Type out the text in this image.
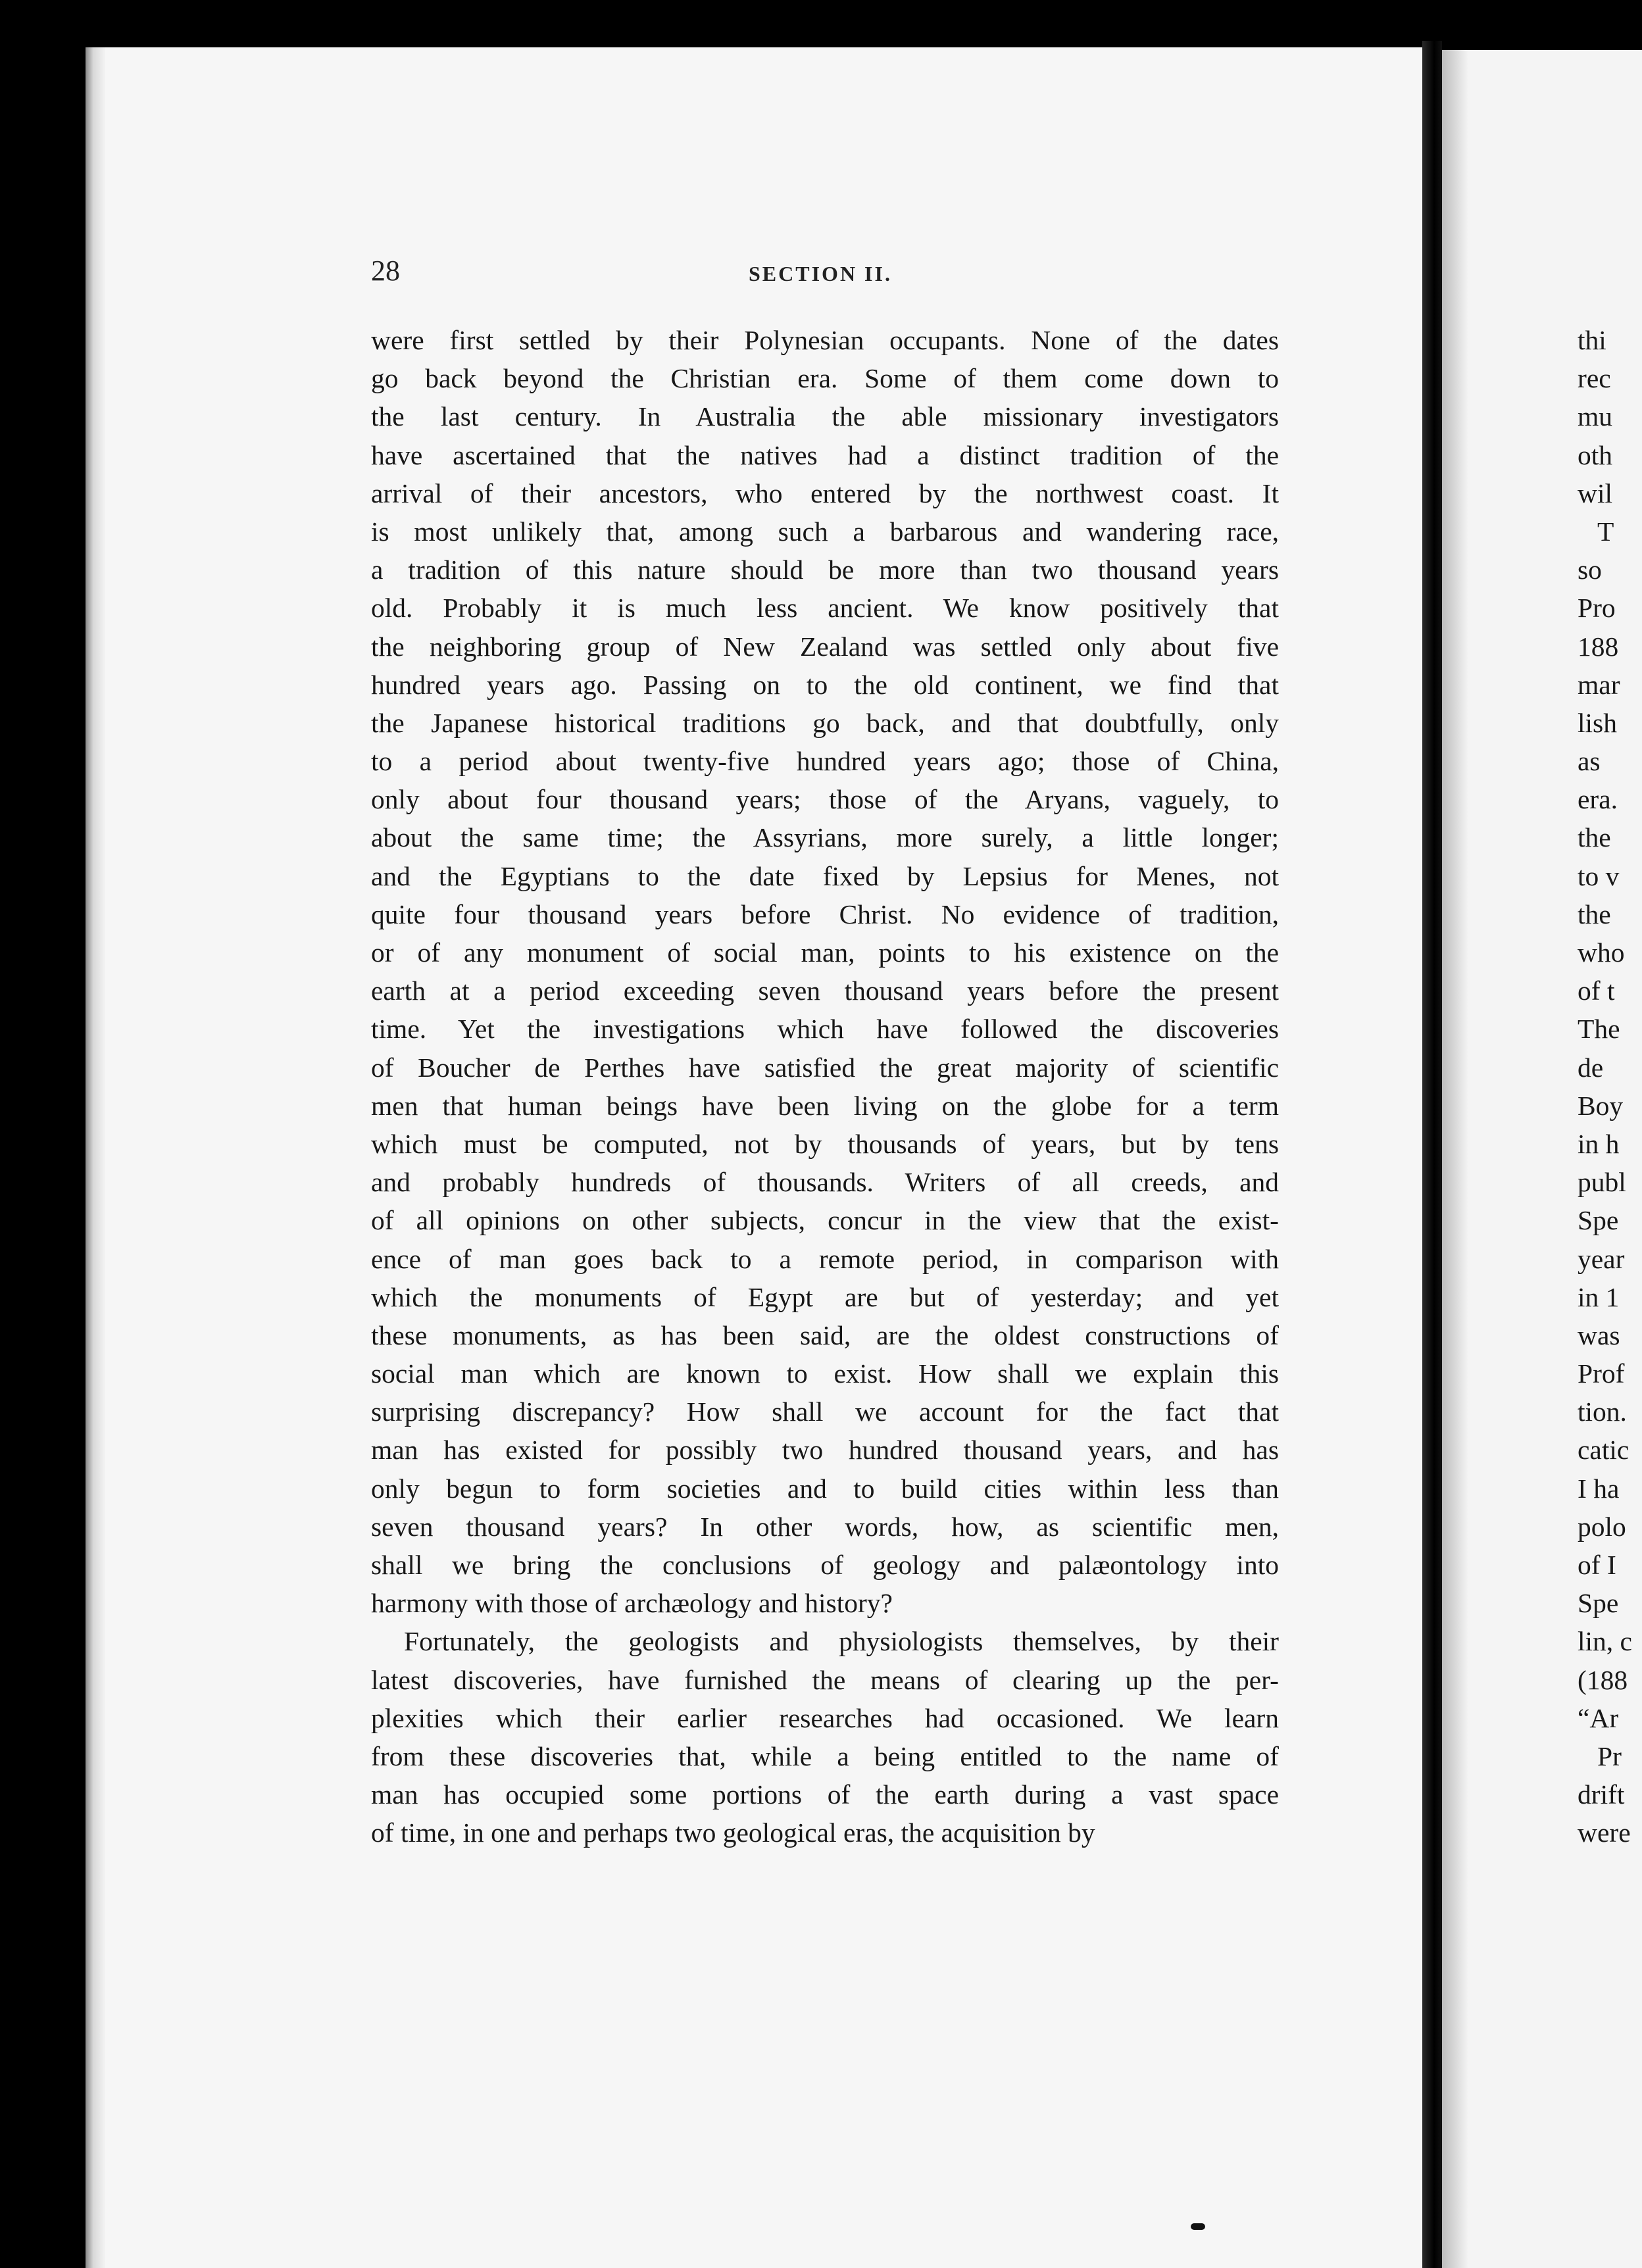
28	SECTION II.
were first settled by their Polynesian occupants. None of the dates
go back beyond the Christian era. Some of them come down to
the last century. In Australia the able missionary investigators
have ascertained that the natives had a distinct tradition of the
arrival of their ancestors, who entered by the northwest coast. It
is most unlikely that, among such a barbarous and wandering race,
a tradition of this nature should be more than two thousand years
old. Probably it is much less ancient. We know positively that
the neighboring group of New Zealand was settled only about five
hundred years ago. Passing on to the old continent, we find that
the Japanese historical traditions go back, and that doubtfully, only
to a period about twenty-five hundred years ago; those of China,
only about four thousand years; those of the Aryans, vaguely, to
about the same time; the Assyrians, more surely, a little longer;
and the Egyptians to the date fixed by Lepsius for Menes, not
quite four thousand years before Christ. No evidence of tradition,
or of any monument of social man, points to his existence on the
earth at a period exceeding seven thousand years before the present
time. Yet the investigations which have followed the discoveries
of Boucher de Perthes have satisfied the great majority of scientific
men that human beings have been living on the globe for a term
which must be computed, not by thousands of years, but by tens
and probably hundreds of thousands. Writers of all creeds, and
of all opinions on other subjects, concur in the view that the exist-
ence of man goes back to a remote period, in comparison with
which the monuments of Egypt are but of yesterday; and yet
these monuments, as has been said, are the oldest constructions of
social man which are known to exist. How shall we explain this
surprising discrepancy? How shall we account for the fact that
man has existed for possibly two hundred thousand years, and has
only begun to form societies and to build cities within less than
seven thousand years? In other words, how, as scientific men,
shall we bring the conclusions of geology and palæontology into
harmony with those of archæology and history?
Fortunately, the geologists and physiologists themselves, by their
latest discoveries, have furnished the means of clearing up the per-
plexities which their earlier researches had occasioned. We learn
from these discoveries that, while a being entitled to the name of
man has occupied some portions of the earth during a vast space
of time, in one and perhaps two geological eras, the acquisition by
thi
rec
mu
oth
wil
T
so
Pro
188
mar
lish
as
era.
the
to v
the
who
of t
The
de
Boy
in h
publ
Spe
year
in 1
was
Prof
tion.
catic
I ha
polo
of I
Spe
lin, c
(188
“Ar
Pr
drift
were
